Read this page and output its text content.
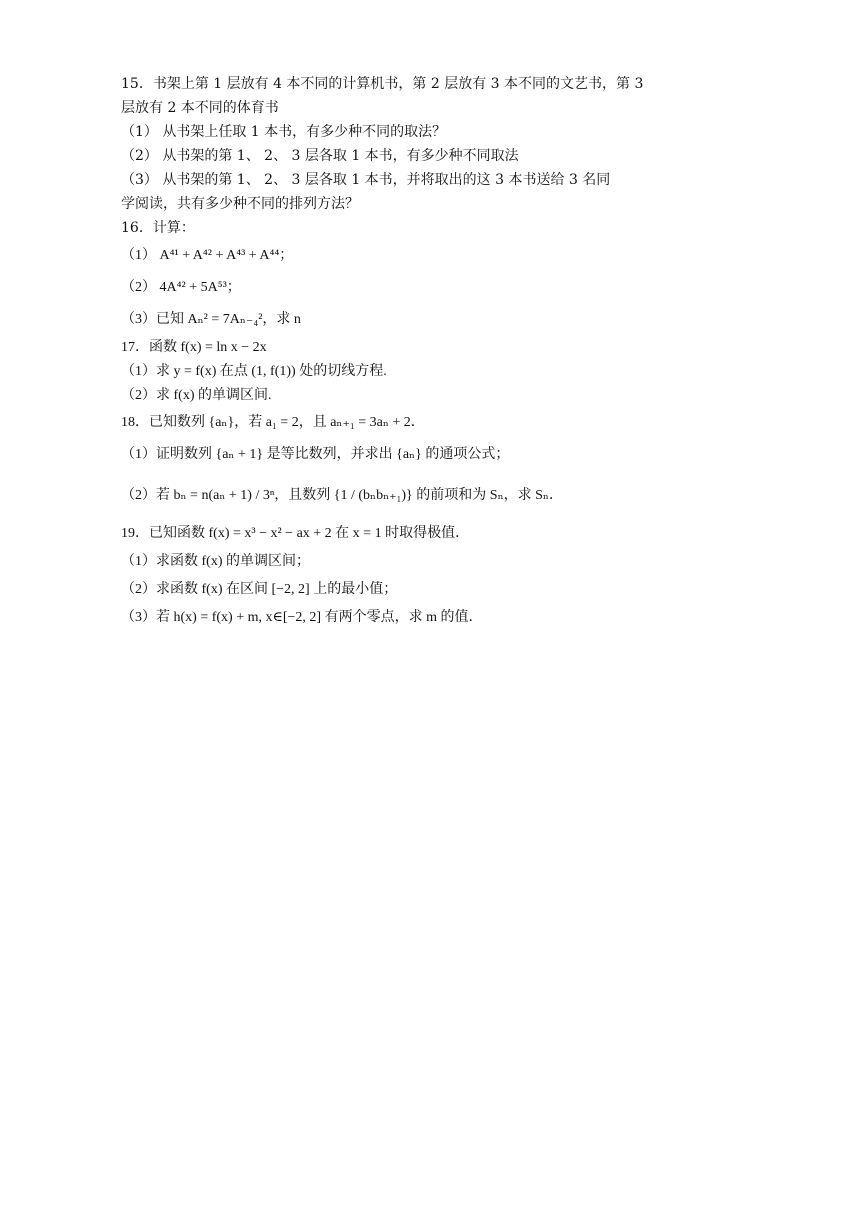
15．书架上第 1 层放有 4 本不同的计算机书，第 2 层放有 3 本不同的文艺书，第 3
层放有 2 本不同的体育书
（1） 从书架上任取 1 本书，有多少种不同的取法？
（2） 从书架的第 1、 2、 3 层各取 1 本书，有多少种不同取法
（3） 从书架的第 1、 2、 3 层各取 1 本书，并将取出的这 3 本书送给 3 名同
学阅读，共有多少种不同的排列方法？
16．计算：
（1） A⁴¹ + A⁴² + A⁴³ + A⁴⁴；
（2） 4A⁴² + 5A⁵³；
（3）已知 Aₙ² = 7Aₙ₋₄²，求 n
17．函数 f(x) = ln x − 2x
（1）求 y = f(x) 在点 (1, f(1)) 处的切线方程.
（2）求 f(x) 的单调区间.
18．已知数列 {aₙ}，若 a₁ = 2，且 aₙ₊₁ = 3aₙ + 2．
（1）证明数列 {aₙ + 1} 是等比数列，并求出 {aₙ} 的通项公式；
（2）若 bₙ = n(aₙ + 1) / 3ⁿ，且数列 {1 / (bₙbₙ₊₁)} 的前项和为 Sₙ，求 Sₙ．
19．已知函数 f(x) = x³ − x² − ax + 2 在 x = 1 时取得极值．
（1）求函数 f(x) 的单调区间；
（2）求函数 f(x) 在区间 [−2, 2] 上的最小值；
（3）若 h(x) = f(x) + m, x∈[−2, 2] 有两个零点，求 m 的值．
